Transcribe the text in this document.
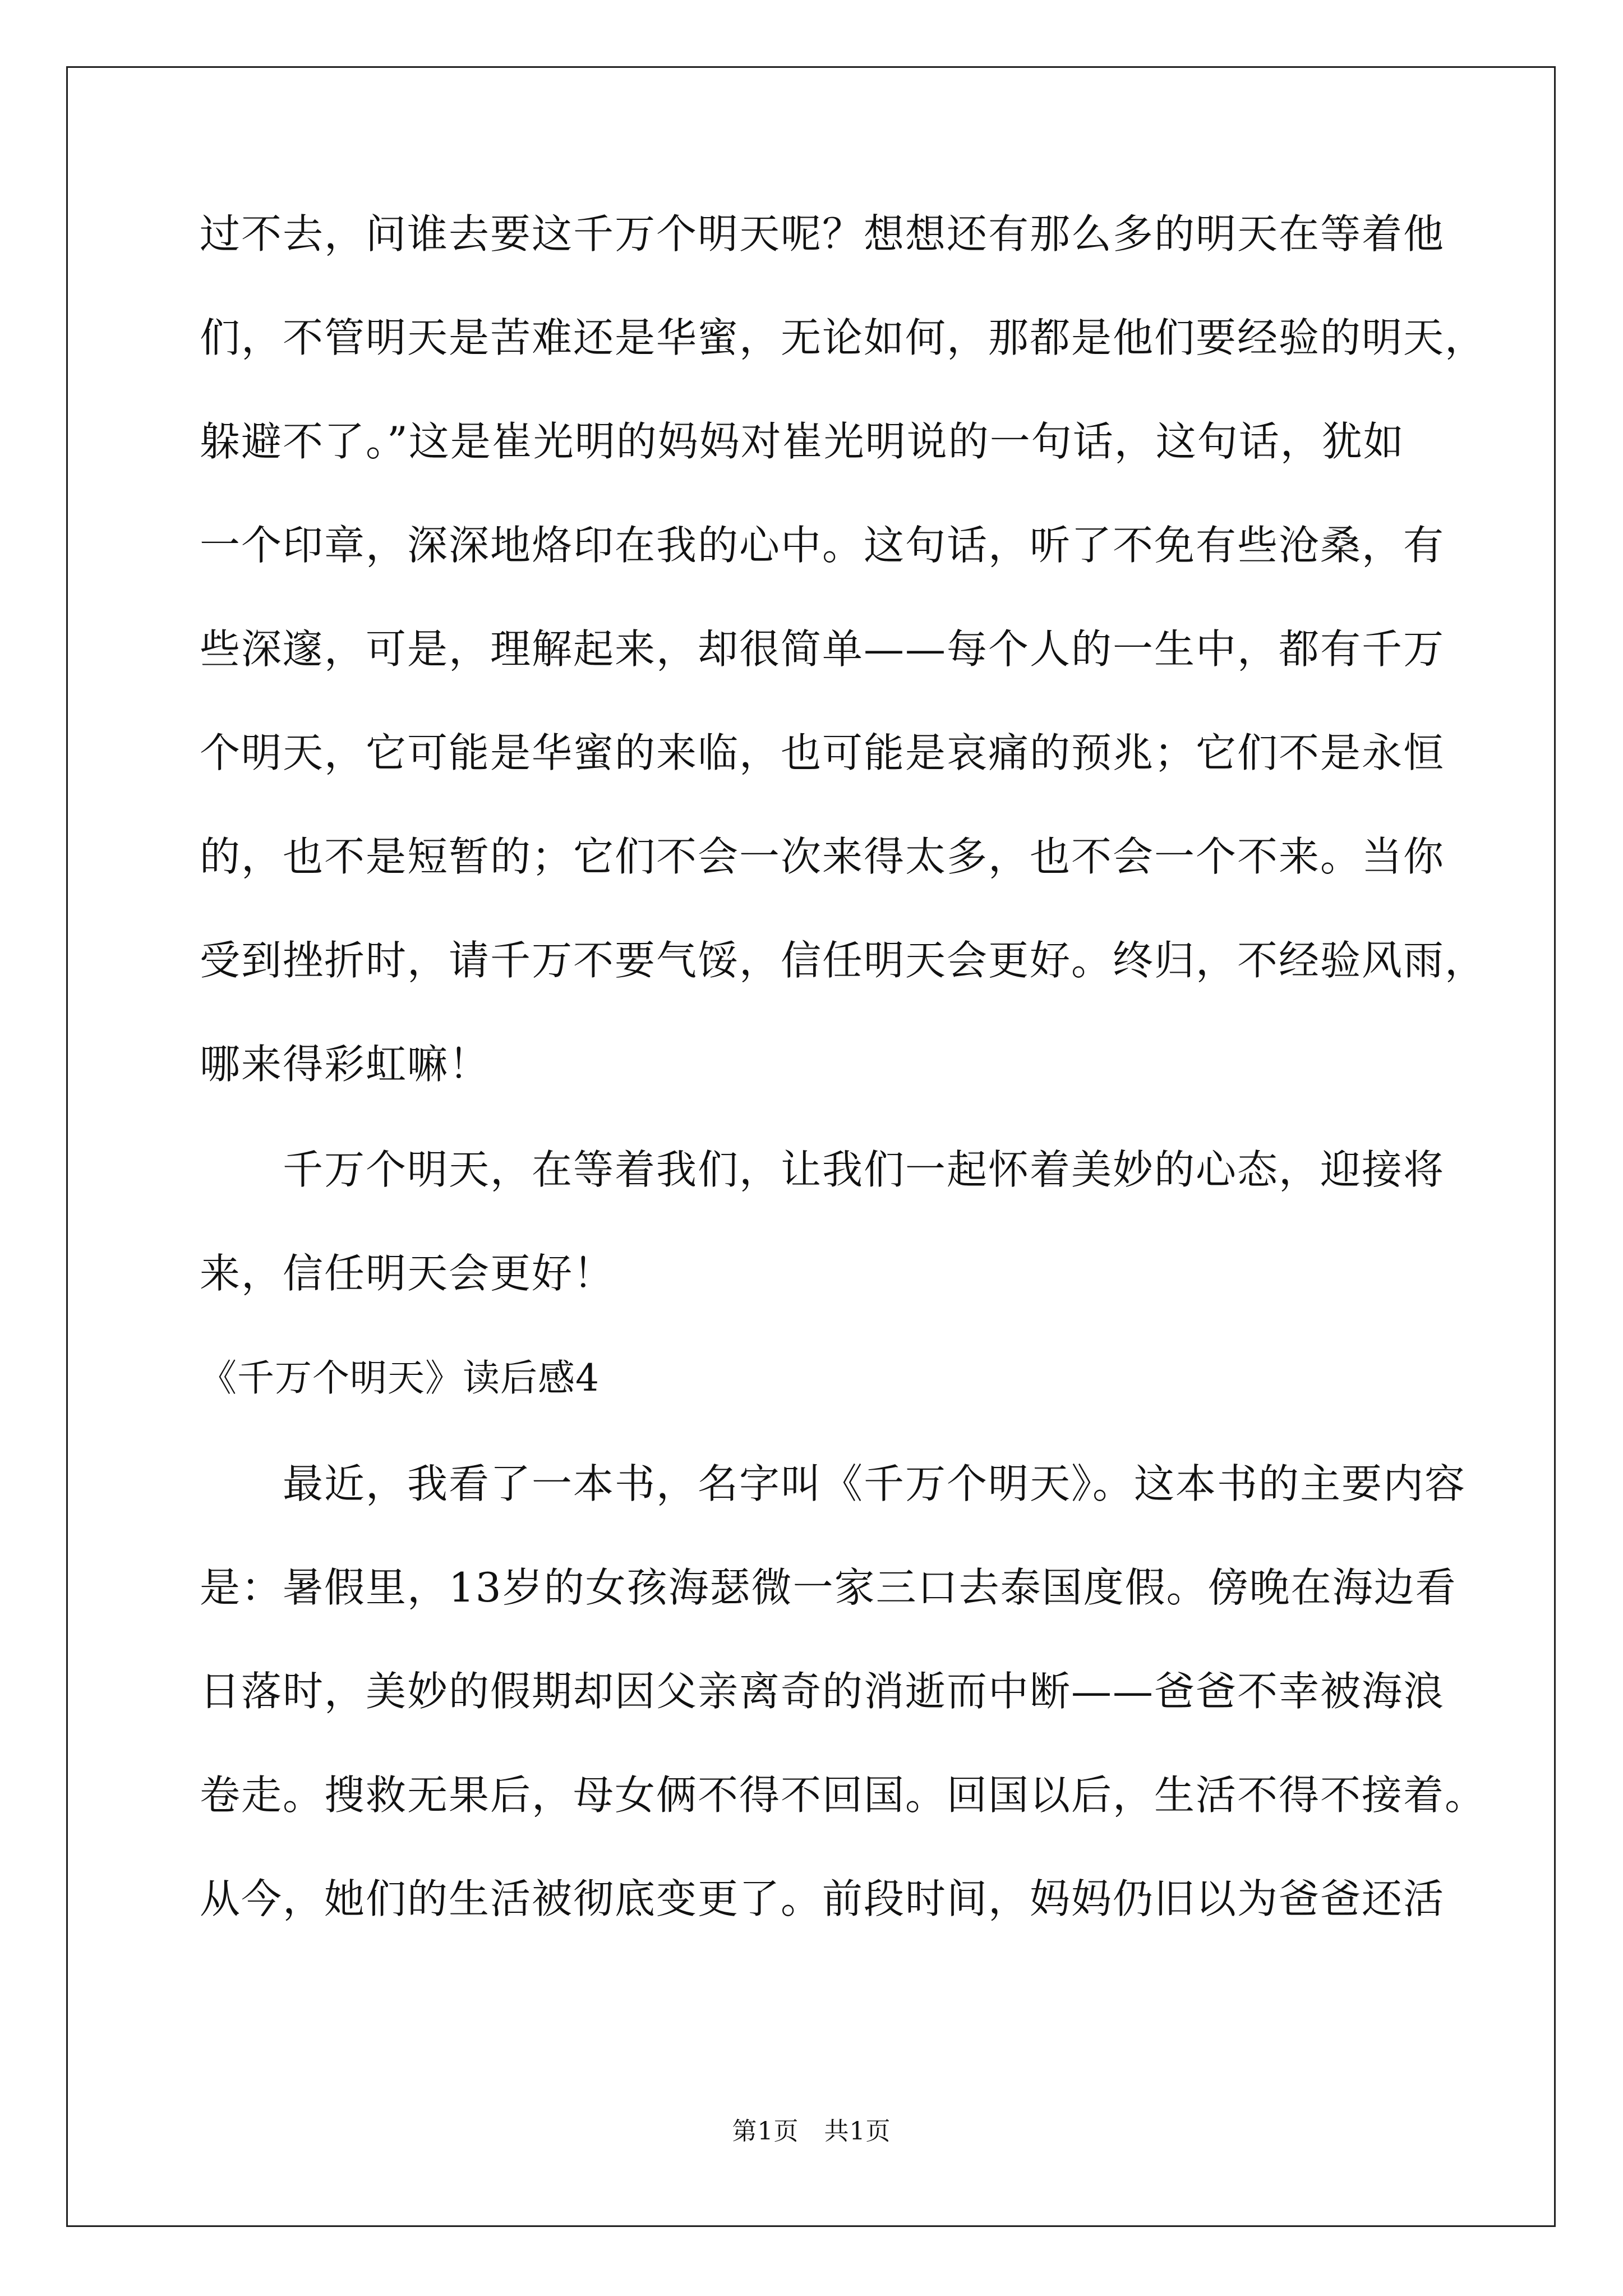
过不去，问谁去要这千万个明天呢？想想还有那么多的明天在等着他
们，不管明天是苦难还是华蜜，无论如何，那都是他们要经验的明天，
躲避不了。”这是崔光明的妈妈对崔光明说的一句话，这句话，犹如
一个印章，深深地烙印在我的心中。这句话，听了不免有些沧桑，有
些深邃，可是，理解起来，却很简单——每个人的一生中，都有千万
个明天，它可能是华蜜的来临，也可能是哀痛的预兆；它们不是永恒
的，也不是短暂的；它们不会一次来得太多，也不会一个不来。当你
受到挫折时，请千万不要气馁，信任明天会更好。终归，不经验风雨，
哪来得彩虹嘛！
千万个明天，在等着我们，让我们一起怀着美妙的心态，迎接将
来，信任明天会更好！
《千万个明天》读后感4
最近，我看了一本书，名字叫《千万个明天》。这本书的主要内容
是：暑假里，13岁的女孩海瑟微一家三口去泰国度假。傍晚在海边看
日落时，美妙的假期却因父亲离奇的消逝而中断——爸爸不幸被海浪
卷走。搜救无果后，母女俩不得不回国。回国以后，生活不得不接着。
从今，她们的生活被彻底变更了。前段时间，妈妈仍旧以为爸爸还活
第1页　共1页
